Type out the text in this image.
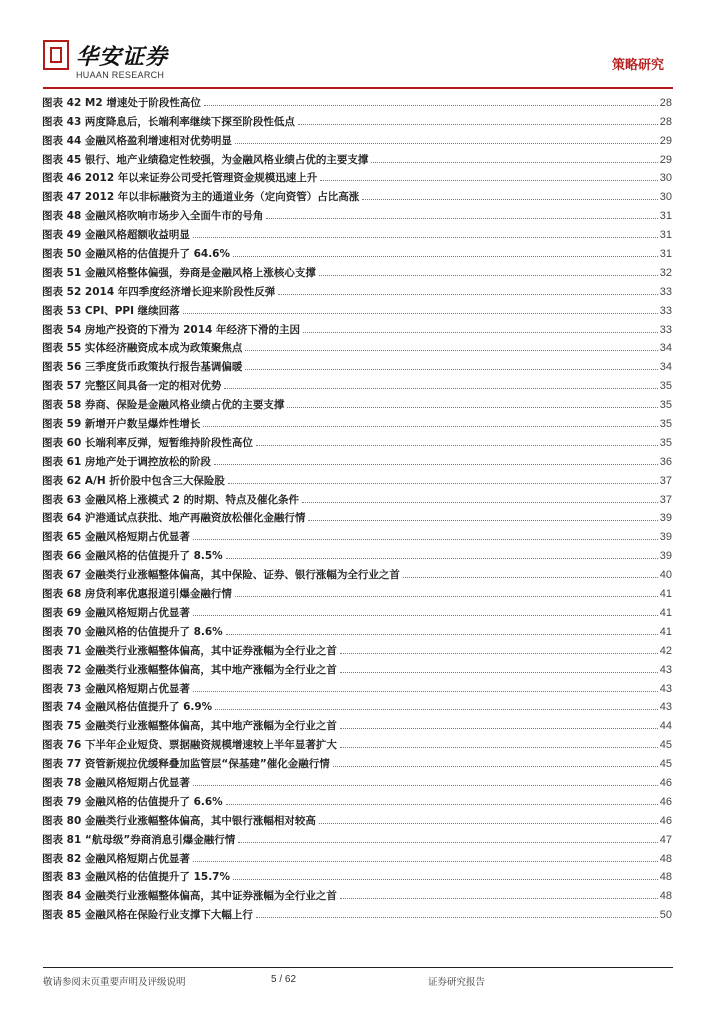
华安证券
HUAAN RESEARCH
策略研究
图表 42 M2 增速处于阶段性高位	28
图表 43 两度降息后，长端利率继续下探至阶段性低点	28
图表 44 金融风格盈利增速相对优势明显	29
图表 45 银行、地产业绩稳定性较强，为金融风格业绩占优的主要支撑	29
图表 46 2012 年以来证券公司受托管理资金规模迅速上升	30
图表 47 2012 年以非标融资为主的通道业务（定向资管）占比高涨	30
图表 48 金融风格吹响市场步入全面牛市的号角	31
图表 49 金融风格超额收益明显	31
图表 50 金融风格的估值提升了 64.6%	31
图表 51 金融风格整体偏强，券商是金融风格上涨核心支撑	32
图表 52 2014 年四季度经济增长迎来阶段性反弹	33
图表 53 CPI、PPI 继续回落	33
图表 54 房地产投资的下滑为 2014 年经济下滑的主因	33
图表 55 实体经济融资成本成为政策聚焦点	34
图表 56 三季度货币政策执行报告基调偏暖	34
图表 57 完整区间具备一定的相对优势	35
图表 58 券商、保险是金融风格业绩占优的主要支撑	35
图表 59 新增开户数呈爆炸性增长	35
图表 60 长端利率反弹，短暂维持阶段性高位	35
图表 61 房地产处于调控放松的阶段	36
图表 62 A/H 折价股中包含三大保险股	37
图表 63 金融风格上涨模式 2 的时期、特点及催化条件	37
图表 64 沪港通试点获批、地产再融资放松催化金融行情	39
图表 65 金融风格短期占优显著	39
图表 66 金融风格的估值提升了 8.5%	39
图表 67 金融类行业涨幅整体偏高，其中保险、证券、银行涨幅为全行业之首	40
图表 68 房贷利率优惠报道引爆金融行情	41
图表 69 金融风格短期占优显著	41
图表 70 金融风格的估值提升了 8.6%	41
图表 71 金融类行业涨幅整体偏高，其中证券涨幅为全行业之首	42
图表 72 金融类行业涨幅整体偏高，其中地产涨幅为全行业之首	43
图表 73 金融风格短期占优显著	43
图表 74 金融风格估值提升了 6.9%	43
图表 75 金融类行业涨幅整体偏高，其中地产涨幅为全行业之首	44
图表 76 下半年企业短贷、票据融资规模增速较上半年显著扩大	45
图表 77 资管新规拉优缓释叠加监管层“保基建”催化金融行情	45
图表 78 金融风格短期占优显著	46
图表 79 金融风格的估值提升了 6.6%	46
图表 80 金融类行业涨幅整体偏高，其中银行涨幅相对较高	46
图表 81 “航母级”券商消息引爆金融行情	47
图表 82 金融风格短期占优显著	48
图表 83 金融风格的估值提升了 15.7%	48
图表 84 金融类行业涨幅整体偏高，其中证券涨幅为全行业之首	48
图表 85 金融风格在保险行业支撑下大幅上行	50
敬请参阅末页重要声明及评级说明	5 / 62	证券研究报告
